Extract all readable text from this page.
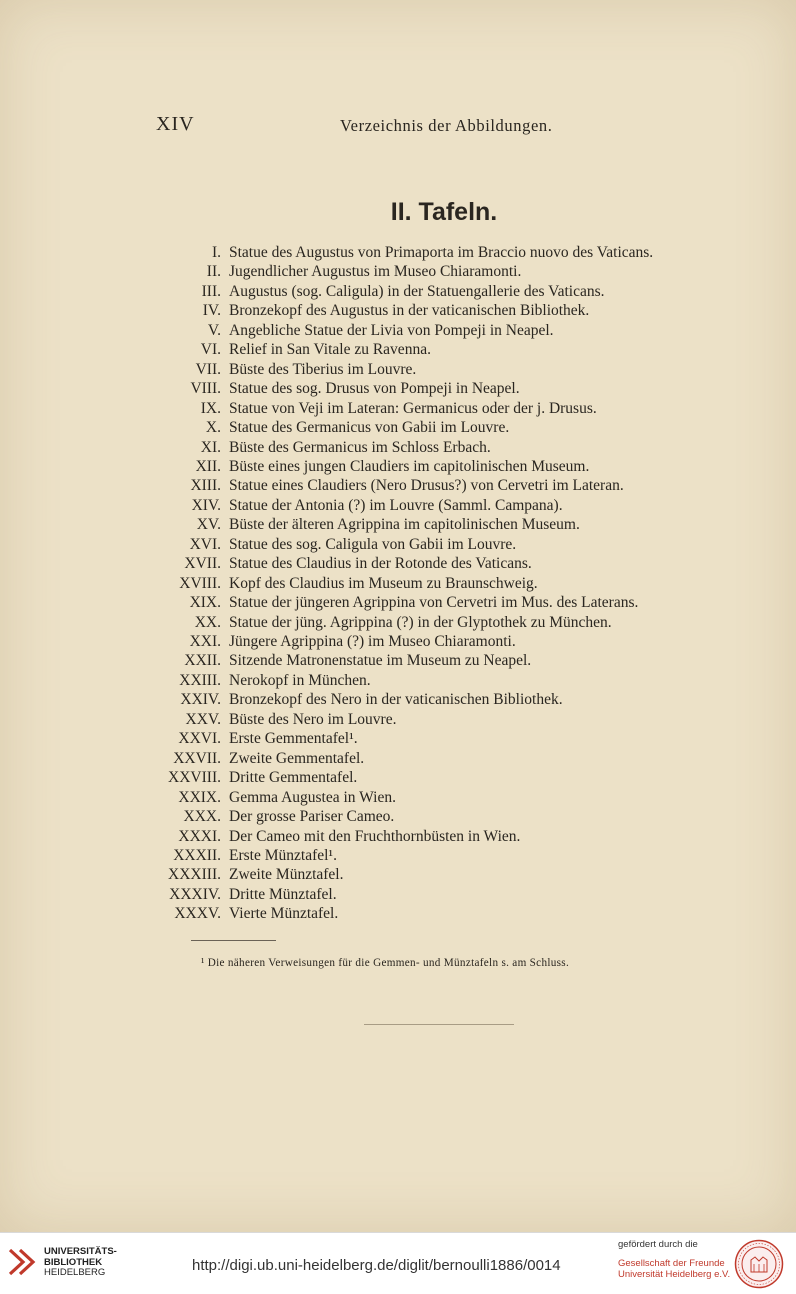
XIV	Verzeichnis der Abbildungen.
II. Tafeln.
I. Statue des Augustus von Primaporta im Braccio nuovo des Vaticans.
II. Jugendlicher Augustus im Museo Chiaramonti.
III. Augustus (sog. Caligula) in der Statuengallerie des Vaticans.
IV. Bronzekopf des Augustus in der vaticanischen Bibliothek.
V. Angebliche Statue der Livia von Pompeji in Neapel.
VI. Relief in San Vitale zu Ravenna.
VII. Büste des Tiberius im Louvre.
VIII. Statue des sog. Drusus von Pompeji in Neapel.
IX. Statue von Veji im Lateran: Germanicus oder der j. Drusus.
X. Statue des Germanicus von Gabii im Louvre.
XI. Büste des Germanicus im Schloss Erbach.
XII. Büste eines jungen Claudiers im capitolinischen Museum.
XIII. Statue eines Claudiers (Nero Drusus?) von Cervetri im Lateran.
XIV. Statue der Antonia (?) im Louvre (Samml. Campana).
XV. Büste der älteren Agrippina im capitolinischen Museum.
XVI. Statue des sog. Caligula von Gabii im Louvre.
XVII. Statue des Claudius in der Rotonde des Vaticans.
XVIII. Kopf des Claudius im Museum zu Braunschweig.
XIX. Statue der jüngeren Agrippina von Cervetri im Mus. des Laterans.
XX. Statue der jüng. Agrippina (?) in der Glyptothek zu München.
XXI. Jüngere Agrippina (?) im Museo Chiaramonti.
XXII. Sitzende Matronenstatue im Museum zu Neapel.
XXIII. Nerokopf in München.
XXIV. Bronzekopf des Nero in der vaticanischen Bibliothek.
XXV. Büste des Nero im Louvre.
XXVI. Erste Gemmentafel¹.
XXVII. Zweite Gemmentafel.
XXVIII. Dritte Gemmentafel.
XXIX. Gemma Augustea in Wien.
XXX. Der grosse Pariser Cameo.
XXXI. Der Cameo mit den Fruchthornbüsten in Wien.
XXXII. Erste Münztafel¹.
XXXIII. Zweite Münztafel.
XXXIV. Dritte Münztafel.
XXXV. Vierte Münztafel.
¹ Die näheren Verweisungen für die Gemmen- und Münztafeln s. am Schluss.
UNIVERSITÄTS-
BIBLIOTHEK
HEIDELBERG	http://digi.ub.uni-heidelberg.de/diglit/bernoulli1886/0014
gefördert durch die
Gesellschaft der Freunde
Universität Heidelberg e.V.
